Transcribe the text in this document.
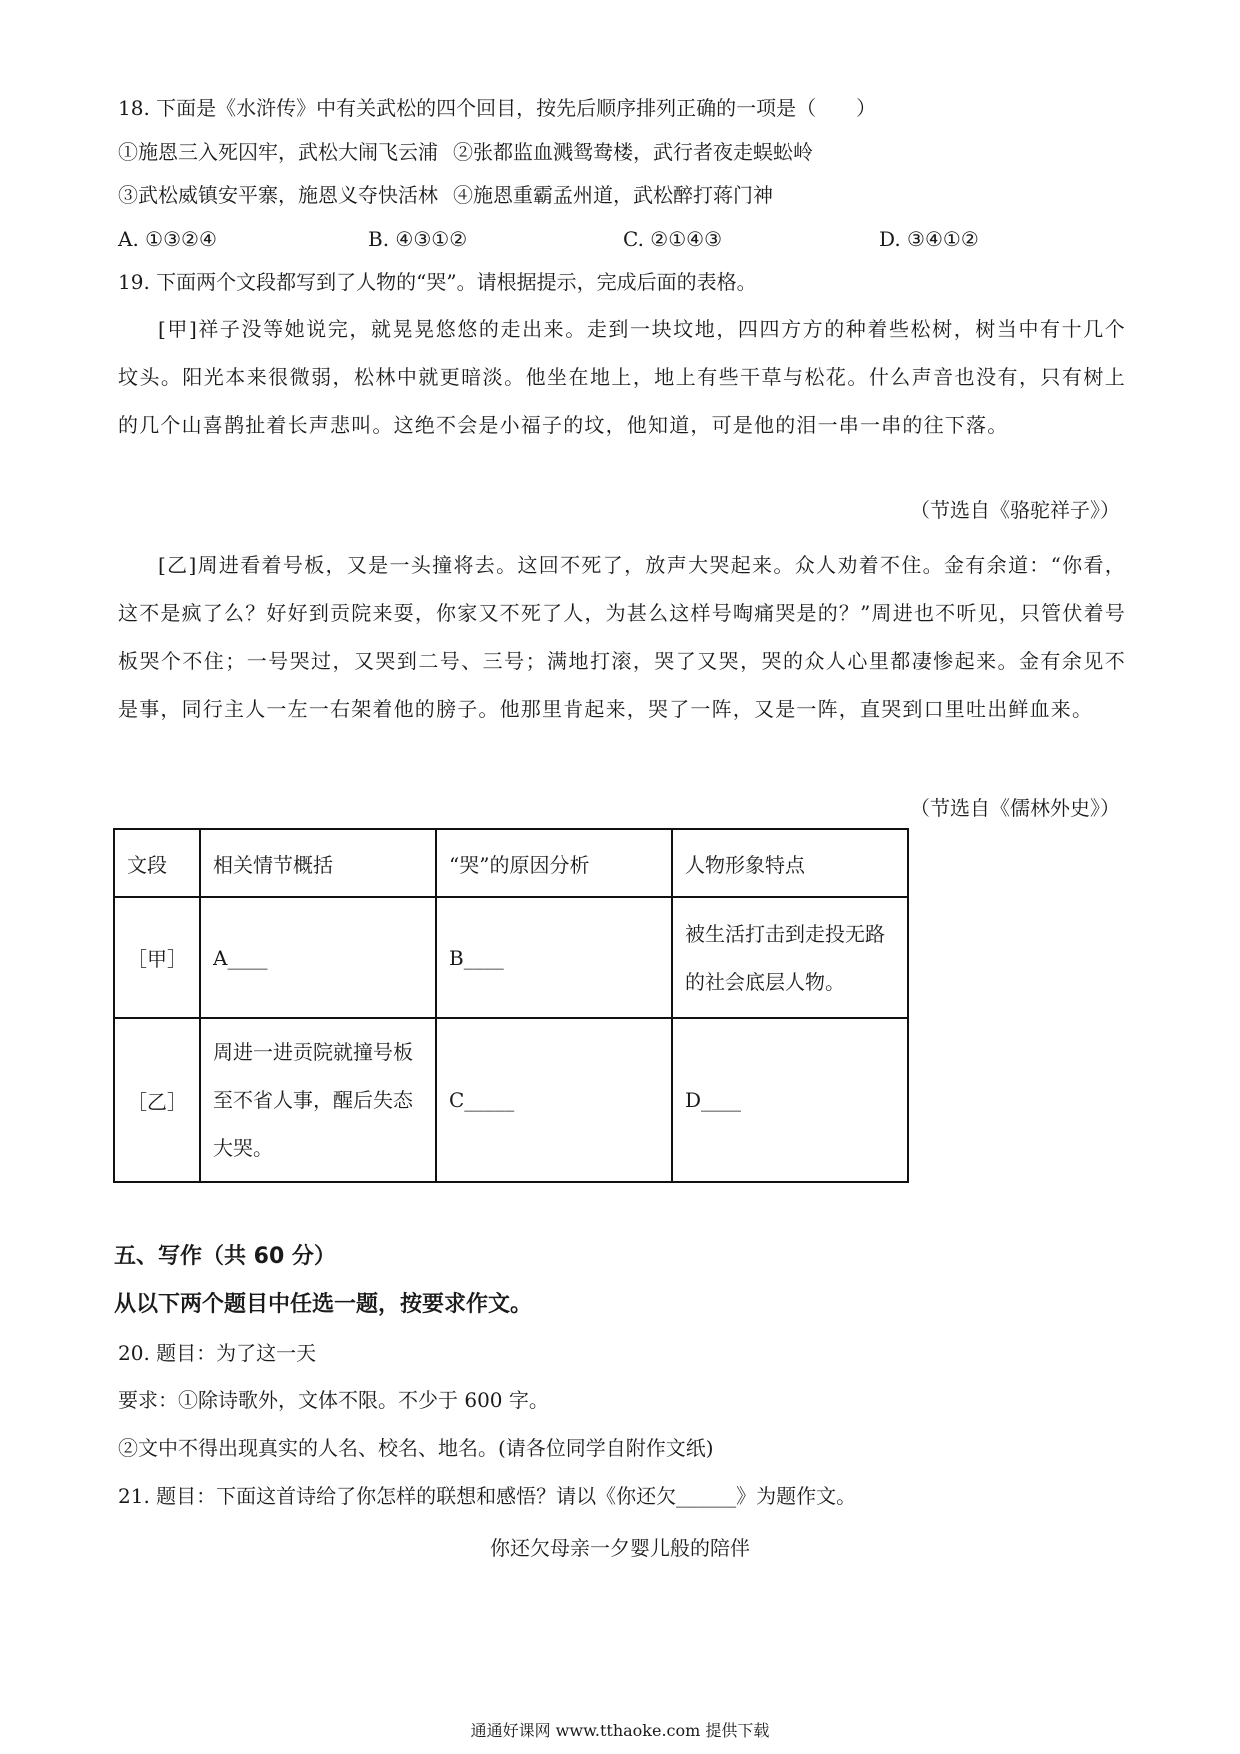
18. 下面是《水浒传》中有关武松的四个回目，按先后顺序排列正确的一项是（　　）
①施恩三入死囚牢，武松大闹飞云浦 ②张都监血溅鸳鸯楼，武行者夜走蜈蚣岭
③武松威镇安平寨，施恩义夺快活林 ④施恩重霸孟州道，武松醉打蒋门神
A. ①③②④	B. ④③①②	C. ②①④③	D. ③④①②
19. 下面两个文段都写到了人物的“哭”。请根据提示，完成后面的表格。
[甲]祥子没等她说完，就晃晃悠悠的走出来。走到一块坟地，四四方方的种着些松树，树当中有十几个坟头。阳光本来很微弱，松林中就更暗淡。他坐在地上，地上有些干草与松花。什么声音也没有，只有树上的几个山喜鹊扯着长声悲叫。这绝不会是小福子的坟，他知道，可是他的泪一串一串的往下落。
（节选自《骆驼祥子》）
[乙]周进看着号板，又是一头撞将去。这回不死了，放声大哭起来。众人劝着不住。金有余道：“你看，这不是疯了么？好好到贡院来耍，你家又不死了人，为甚么这样号啕痛哭是的？”周进也不听见，只管伏着号板哭个不住；一号哭过，又哭到二号、三号；满地打滚，哭了又哭，哭的众人心里都凄惨起来。金有余见不是事，同行主人一左一右架着他的膀子。他那里肯起来，哭了一阵，又是一阵，直哭到口里吐出鲜血来。
（节选自《儒林外史》）
文段	相关情节概括	“哭”的原因分析	人物形象特点
［甲］	A____	B____	被生活打击到走投无路的社会底层人物。
［乙］	周进一进贡院就撞号板至不省人事，醒后失态大哭。	C_____	D____
五、写作（共 60 分）
从以下两个题目中任选一题，按要求作文。
20. 题目：为了这一天
要求：①除诗歌外，文体不限。不少于 600 字。
②文中不得出现真实的人名、校名、地名。(请各位同学自附作文纸)
21. 题目：下面这首诗给了你怎样的联想和感悟？请以《你还欠______》为题作文。
你还欠母亲一夕婴儿般的陪伴
通通好课网 www.tthaoke.com 提供下载
